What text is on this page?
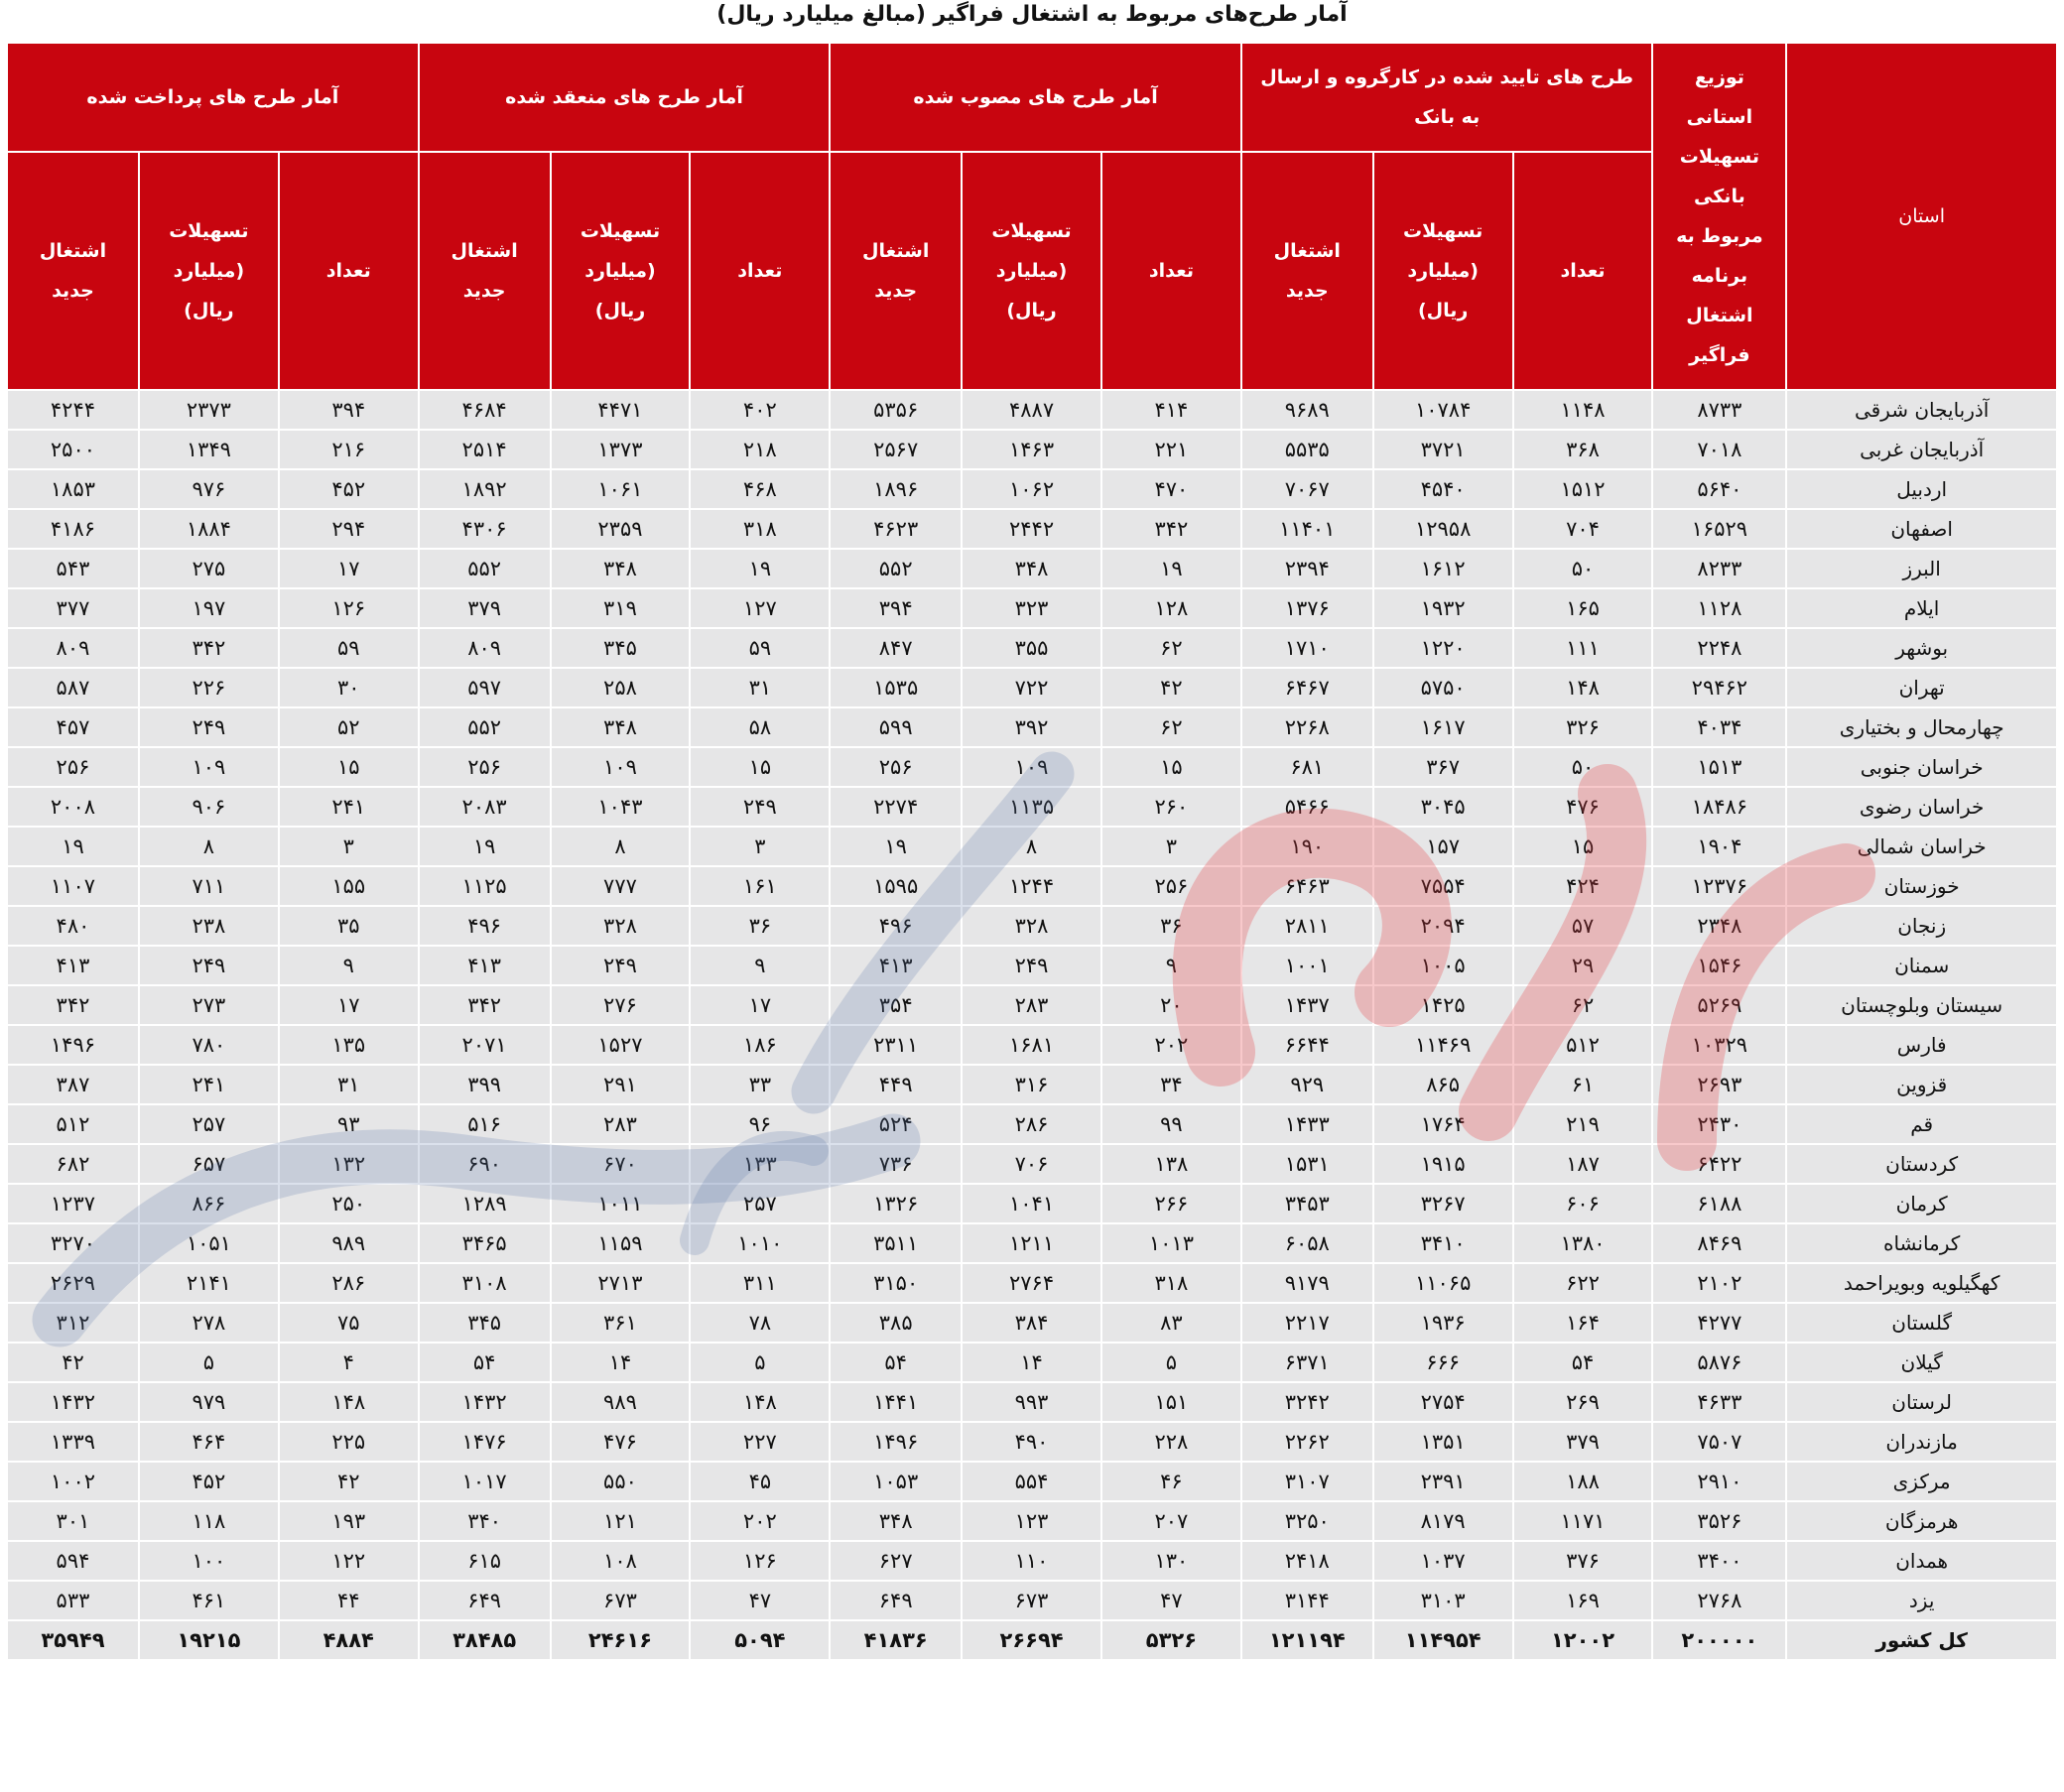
آمار طرح‌های مربوط به اشتغال فراگیر (مبالغ میلیارد ریال)
استان	توزیع استانی تسهیلات بانکی مربوط به برنامه اشتغال فراگیر	طرح های تایید شده در کارگروه و ارسال به بانک			آمار طرح های مصوب شده			آمار طرح های منعقد شده			آمار طرح های پرداخت شده		
		تعداد	تسهیلات (میلیارد ریال)	اشتغال جدید	تعداد	تسهیلات (میلیارد ریال)	اشتغال جدید	تعداد	تسهیلات (میلیارد ریال)	اشتغال جدید	تعداد	تسهیلات (میلیارد ریال)	اشتغال جدید
آذربایجان شرقی	۸۷۳۳	۱۱۴۸	۱۰۷۸۴	۹۶۸۹	۴۱۴	۴۸۸۷	۵۳۵۶	۴۰۲	۴۴۷۱	۴۶۸۴	۳۹۴	۲۳۷۳	۴۲۴۴
آذربایجان غربی	۷۰۱۸	۳۶۸	۳۷۲۱	۵۵۳۵	۲۲۱	۱۴۶۳	۲۵۶۷	۲۱۸	۱۳۷۳	۲۵۱۴	۲۱۶	۱۳۴۹	۲۵۰۰
اردبیل	۵۶۴۰	۱۵۱۲	۴۵۴۰	۷۰۶۷	۴۷۰	۱۰۶۲	۱۸۹۶	۴۶۸	۱۰۶۱	۱۸۹۲	۴۵۲	۹۷۶	۱۸۵۳
اصفهان	۱۶۵۲۹	۷۰۴	۱۲۹۵۸	۱۱۴۰۱	۳۴۲	۲۴۴۲	۴۶۲۳	۳۱۸	۲۳۵۹	۴۳۰۶	۲۹۴	۱۸۸۴	۴۱۸۶
البرز	۸۲۳۳	۵۰	۱۶۱۲	۲۳۹۴	۱۹	۳۴۸	۵۵۲	۱۹	۳۴۸	۵۵۲	۱۷	۲۷۵	۵۴۳
ایلام	۱۱۲۸	۱۶۵	۱۹۳۲	۱۳۷۶	۱۲۸	۳۲۳	۳۹۴	۱۲۷	۳۱۹	۳۷۹	۱۲۶	۱۹۷	۳۷۷
بوشهر	۲۲۴۸	۱۱۱	۱۲۲۰	۱۷۱۰	۶۲	۳۵۵	۸۴۷	۵۹	۳۴۵	۸۰۹	۵۹	۳۴۲	۸۰۹
تهران	۲۹۴۶۲	۱۴۸	۵۷۵۰	۶۴۶۷	۴۲	۷۲۲	۱۵۳۵	۳۱	۲۵۸	۵۹۷	۳۰	۲۲۶	۵۸۷
چهارمحال و بختیاری	۴۰۳۴	۳۲۶	۱۶۱۷	۲۲۶۸	۶۲	۳۹۲	۵۹۹	۵۸	۳۴۸	۵۵۲	۵۲	۲۴۹	۴۵۷
خراسان جنوبی	۱۵۱۳	۵۰	۳۶۷	۶۸۱	۱۵	۱۰۹	۲۵۶	۱۵	۱۰۹	۲۵۶	۱۵	۱۰۹	۲۵۶
خراسان رضوی	۱۸۴۸۶	۴۷۶	۳۰۴۵	۵۴۶۶	۲۶۰	۱۱۳۵	۲۲۷۴	۲۴۹	۱۰۴۳	۲۰۸۳	۲۴۱	۹۰۶	۲۰۰۸
خراسان شمالی	۱۹۰۴	۱۵	۱۵۷	۱۹۰	۳	۸	۱۹	۳	۸	۱۹	۳	۸	۱۹
خوزستان	۱۲۳۷۶	۴۲۴	۷۵۵۴	۶۴۶۳	۲۵۶	۱۲۴۴	۱۵۹۵	۱۶۱	۷۷۷	۱۱۲۵	۱۵۵	۷۱۱	۱۱۰۷
زنجان	۲۳۴۸	۵۷	۲۰۹۴	۲۸۱۱	۳۶	۳۲۸	۴۹۶	۳۶	۳۲۸	۴۹۶	۳۵	۲۳۸	۴۸۰
سمنان	۱۵۴۶	۲۹	۱۰۰۵	۱۰۰۱	۹	۲۴۹	۴۱۳	۹	۲۴۹	۴۱۳	۹	۲۴۹	۴۱۳
سیستان وبلوچستان	۵۲۶۹	۶۲	۱۴۲۵	۱۴۳۷	۲۰	۲۸۳	۳۵۴	۱۷	۲۷۶	۳۴۲	۱۷	۲۷۳	۳۴۲
فارس	۱۰۳۲۹	۵۱۲	۱۱۴۶۹	۶۶۴۴	۲۰۲	۱۶۸۱	۲۳۱۱	۱۸۶	۱۵۲۷	۲۰۷۱	۱۳۵	۷۸۰	۱۴۹۶
قزوین	۲۶۹۳	۶۱	۸۶۵	۹۲۹	۳۴	۳۱۶	۴۴۹	۳۳	۲۹۱	۳۹۹	۳۱	۲۴۱	۳۸۷
قم	۲۴۳۰	۲۱۹	۱۷۶۴	۱۴۳۳	۹۹	۲۸۶	۵۲۴	۹۶	۲۸۳	۵۱۶	۹۳	۲۵۷	۵۱۲
کردستان	۶۴۲۲	۱۸۷	۱۹۱۵	۱۵۳۱	۱۳۸	۷۰۶	۷۳۶	۱۳۳	۶۷۰	۶۹۰	۱۳۲	۶۵۷	۶۸۲
کرمان	۶۱۸۸	۶۰۶	۳۲۶۷	۳۴۵۳	۲۶۶	۱۰۴۱	۱۳۲۶	۲۵۷	۱۰۱۱	۱۲۸۹	۲۵۰	۸۶۶	۱۲۳۷
کرمانشاه	۸۴۶۹	۱۳۸۰	۳۴۱۰	۶۰۵۸	۱۰۱۳	۱۲۱۱	۳۵۱۱	۱۰۱۰	۱۱۵۹	۳۴۶۵	۹۸۹	۱۰۵۱	۳۲۷۰
کهگیلویه وبویراحمد	۲۱۰۲	۶۲۲	۱۱۰۶۵	۹۱۷۹	۳۱۸	۲۷۶۴	۳۱۵۰	۳۱۱	۲۷۱۳	۳۱۰۸	۲۸۶	۲۱۴۱	۲۶۲۹
گلستان	۴۲۷۷	۱۶۴	۱۹۳۶	۲۲۱۷	۸۳	۳۸۴	۳۸۵	۷۸	۳۶۱	۳۴۵	۷۵	۲۷۸	۳۱۲
گیلان	۵۸۷۶	۵۴	۶۶۶	۶۳۷۱	۵	۱۴	۵۴	۵	۱۴	۵۴	۴	۵	۴۲
لرستان	۴۶۳۳	۲۶۹	۲۷۵۴	۳۲۴۲	۱۵۱	۹۹۳	۱۴۴۱	۱۴۸	۹۸۹	۱۴۳۲	۱۴۸	۹۷۹	۱۴۳۲
مازندران	۷۵۰۷	۳۷۹	۱۳۵۱	۲۲۶۲	۲۲۸	۴۹۰	۱۴۹۶	۲۲۷	۴۷۶	۱۴۷۶	۲۲۵	۴۶۴	۱۳۳۹
مرکزی	۲۹۱۰	۱۸۸	۲۳۹۱	۳۱۰۷	۴۶	۵۵۴	۱۰۵۳	۴۵	۵۵۰	۱۰۱۷	۴۲	۴۵۲	۱۰۰۲
هرمزگان	۳۵۲۶	۱۱۷۱	۸۱۷۹	۳۲۵۰	۲۰۷	۱۲۳	۳۴۸	۲۰۲	۱۲۱	۳۴۰	۱۹۳	۱۱۸	۳۰۱
همدان	۳۴۰۰	۳۷۶	۱۰۳۷	۲۴۱۸	۱۳۰	۱۱۰	۶۲۷	۱۲۶	۱۰۸	۶۱۵	۱۲۲	۱۰۰	۵۹۴
یزد	۲۷۶۸	۱۶۹	۳۱۰۳	۳۱۴۴	۴۷	۶۷۳	۶۴۹	۴۷	۶۷۳	۶۴۹	۴۴	۴۶۱	۵۳۳
کل کشور	۲۰۰۰۰۰	۱۲۰۰۲	۱۱۴۹۵۴	۱۲۱۱۹۴	۵۳۲۶	۲۶۶۹۴	۴۱۸۳۶	۵۰۹۴	۲۴۶۱۶	۳۸۴۸۵	۴۸۸۴	۱۹۲۱۵	۳۵۹۴۹
